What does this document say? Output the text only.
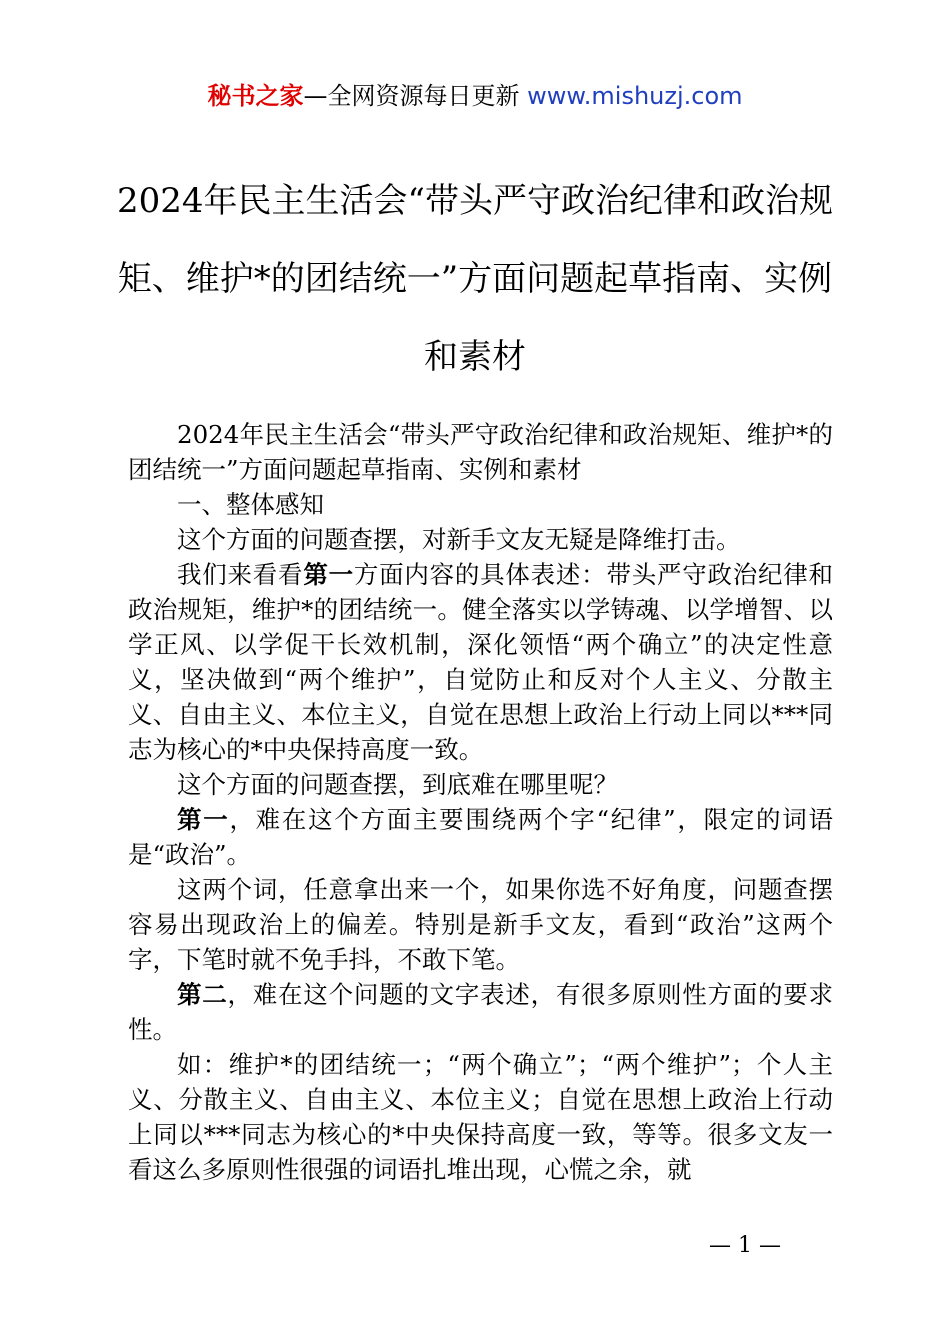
秘书之家—全网资源每日更新 www.mishuzj.com
2024年民主生活会“带头严守政治纪律和政治规矩、维护*的团结统一”方面问题起草指南、实例和素材

2024年民主生活会“带头严守政治纪律和政治规矩、维护*的团结统一”方面问题起草指南、实例和素材

一、整体感知

这个方面的问题查摆，对新手文友无疑是降维打击。

我们来看看第一方面内容的具体表述：带头严守政治纪律和政治规矩，维护*的团结统一。健全落实以学铸魂、以学增智、以学正风、以学促干长效机制，深化领悟“两个确立”的决定性意义，坚决做到“两个维护”，自觉防止和反对个人主义、分散主义、自由主义、本位主义，自觉在思想上政治上行动上同以***同志为核心的*中央保持高度一致。

这个方面的问题查摆，到底难在哪里呢？

第一，难在这个方面主要围绕两个字“纪律”，限定的词语是“政治”。

这两个词，任意拿出来一个，如果你选不好角度，问题查摆容易出现政治上的偏差。特别是新手文友，看到“政治”这两个字，下笔时就不免手抖，不敢下笔。

第二，难在这个问题的文字表述，有很多原则性方面的要求性。

如：维护*的团结统一；“两个确立”；“两个维护”；个人主义、分散主义、自由主义、本位主义；自觉在思想上政治上行动上同以***同志为核心的*中央保持高度一致，等等。很多文友一看这么多原则性很强的词语扎堆出现，心慌之余，就

— 1 —
